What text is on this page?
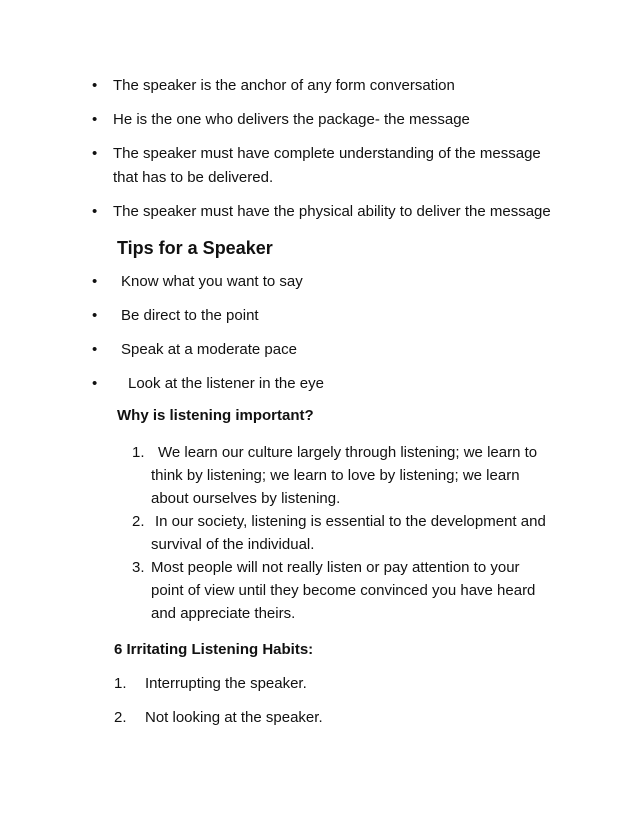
• The speaker is the anchor of any form conversation
• He is the one who delivers the package- the message
• The speaker must have complete understanding of the message
that has to be delivered.
• The speaker must have the physical ability to deliver the message
Tips for a Speaker
• Know what you want to say
• Be direct to the point
• Speak at a moderate pace
• Look at the listener in the eye
Why is listening important?
1. We learn our culture largely through listening; we learn to
think by listening; we learn to love by listening; we learn
about ourselves by listening.
2. In our society, listening is essential to the development and
survival of the individual.
3. Most people will not really listen or pay attention to your
point of view until they become convinced you have heard
and appreciate theirs.
6 Irritating Listening Habits:
1. Interrupting the speaker.
2. Not looking at the speaker.
